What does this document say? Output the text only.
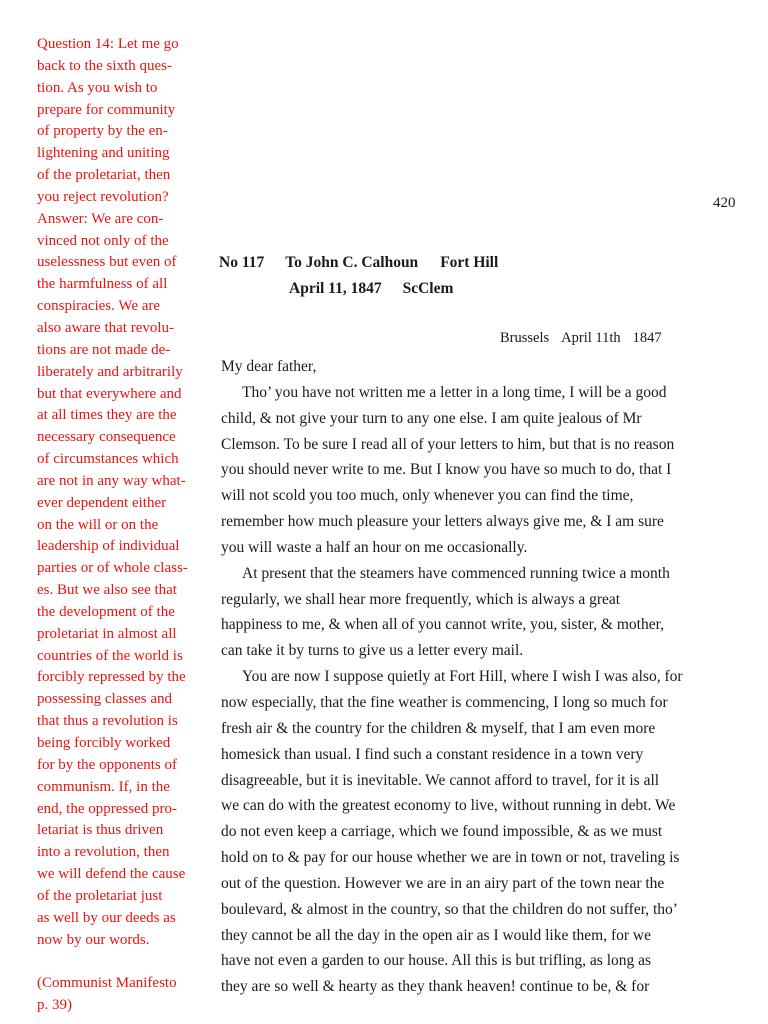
Question 14: Let me go
back to the sixth ques-
tion. As you wish to
prepare for community
of property by the en-
lightening and uniting
of the proletariat, then
you reject revolution?
Answer: We are con-
vinced not only of the
uselessness but even of
the harmfulness of all
conspiracies. We are
also aware that revolu-
tions are not made de-
liberately and arbitrarily
but that everywhere and
at all times they are the
necessary consequence
of circumstances which
are not in any way what-
ever dependent either
on the will or on the
leadership of individual
parties or of whole class-
es. But we also see that
the development of the
proletariat in almost all
countries of the world is
forcibly repressed by the
possessing classes and
that thus a revolution is
being forcibly worked
for by the opponents of
communism. If, in the
end, the oppressed pro-
letariat is thus driven
into a revolution, then
we will defend the cause
of the proletariat just
as well by our deeds as
now by our words.
(Communist Manifesto
p. 39)
420
No 117 To John C. Calhoun Fort Hill
April 11, 1847 ScClem
Brussels April 11th 1847
My dear father,
Tho’ you have not written me a letter in a long time, I will be a good
child, & not give your turn to any one else. I am quite jealous of Mr
Clemson. To be sure I read all of your letters to him, but that is no reason
you should never write to me. But I know you have so much to do, that I
will not scold you too much, only whenever you can find the time,
remember how much pleasure your letters always give me, & I am sure
you will waste a half an hour on me occasionally.
At present that the steamers have commenced running twice a month
regularly, we shall hear more frequently, which is always a great
happiness to me, & when all of you cannot write, you, sister, & mother,
can take it by turns to give us a letter every mail.
You are now I suppose quietly at Fort Hill, where I wish I was also, for
now especially, that the fine weather is commencing, I long so much for
fresh air & the country for the children & myself, that I am even more
homesick than usual. I find such a constant residence in a town very
disagreeable, but it is inevitable. We cannot afford to travel, for it is all
we can do with the greatest economy to live, without running in debt. We
do not even keep a carriage, which we found impossible, & as we must
hold on to & pay for our house whether we are in town or not, traveling is
out of the question. However we are in an airy part of the town near the
boulevard, & almost in the country, so that the children do not suffer, tho’
they cannot be all the day in the open air as I would like them, for we
have not even a garden to our house. All this is but trifling, as long as
they are so well & hearty as they thank heaven! continue to be, & for
